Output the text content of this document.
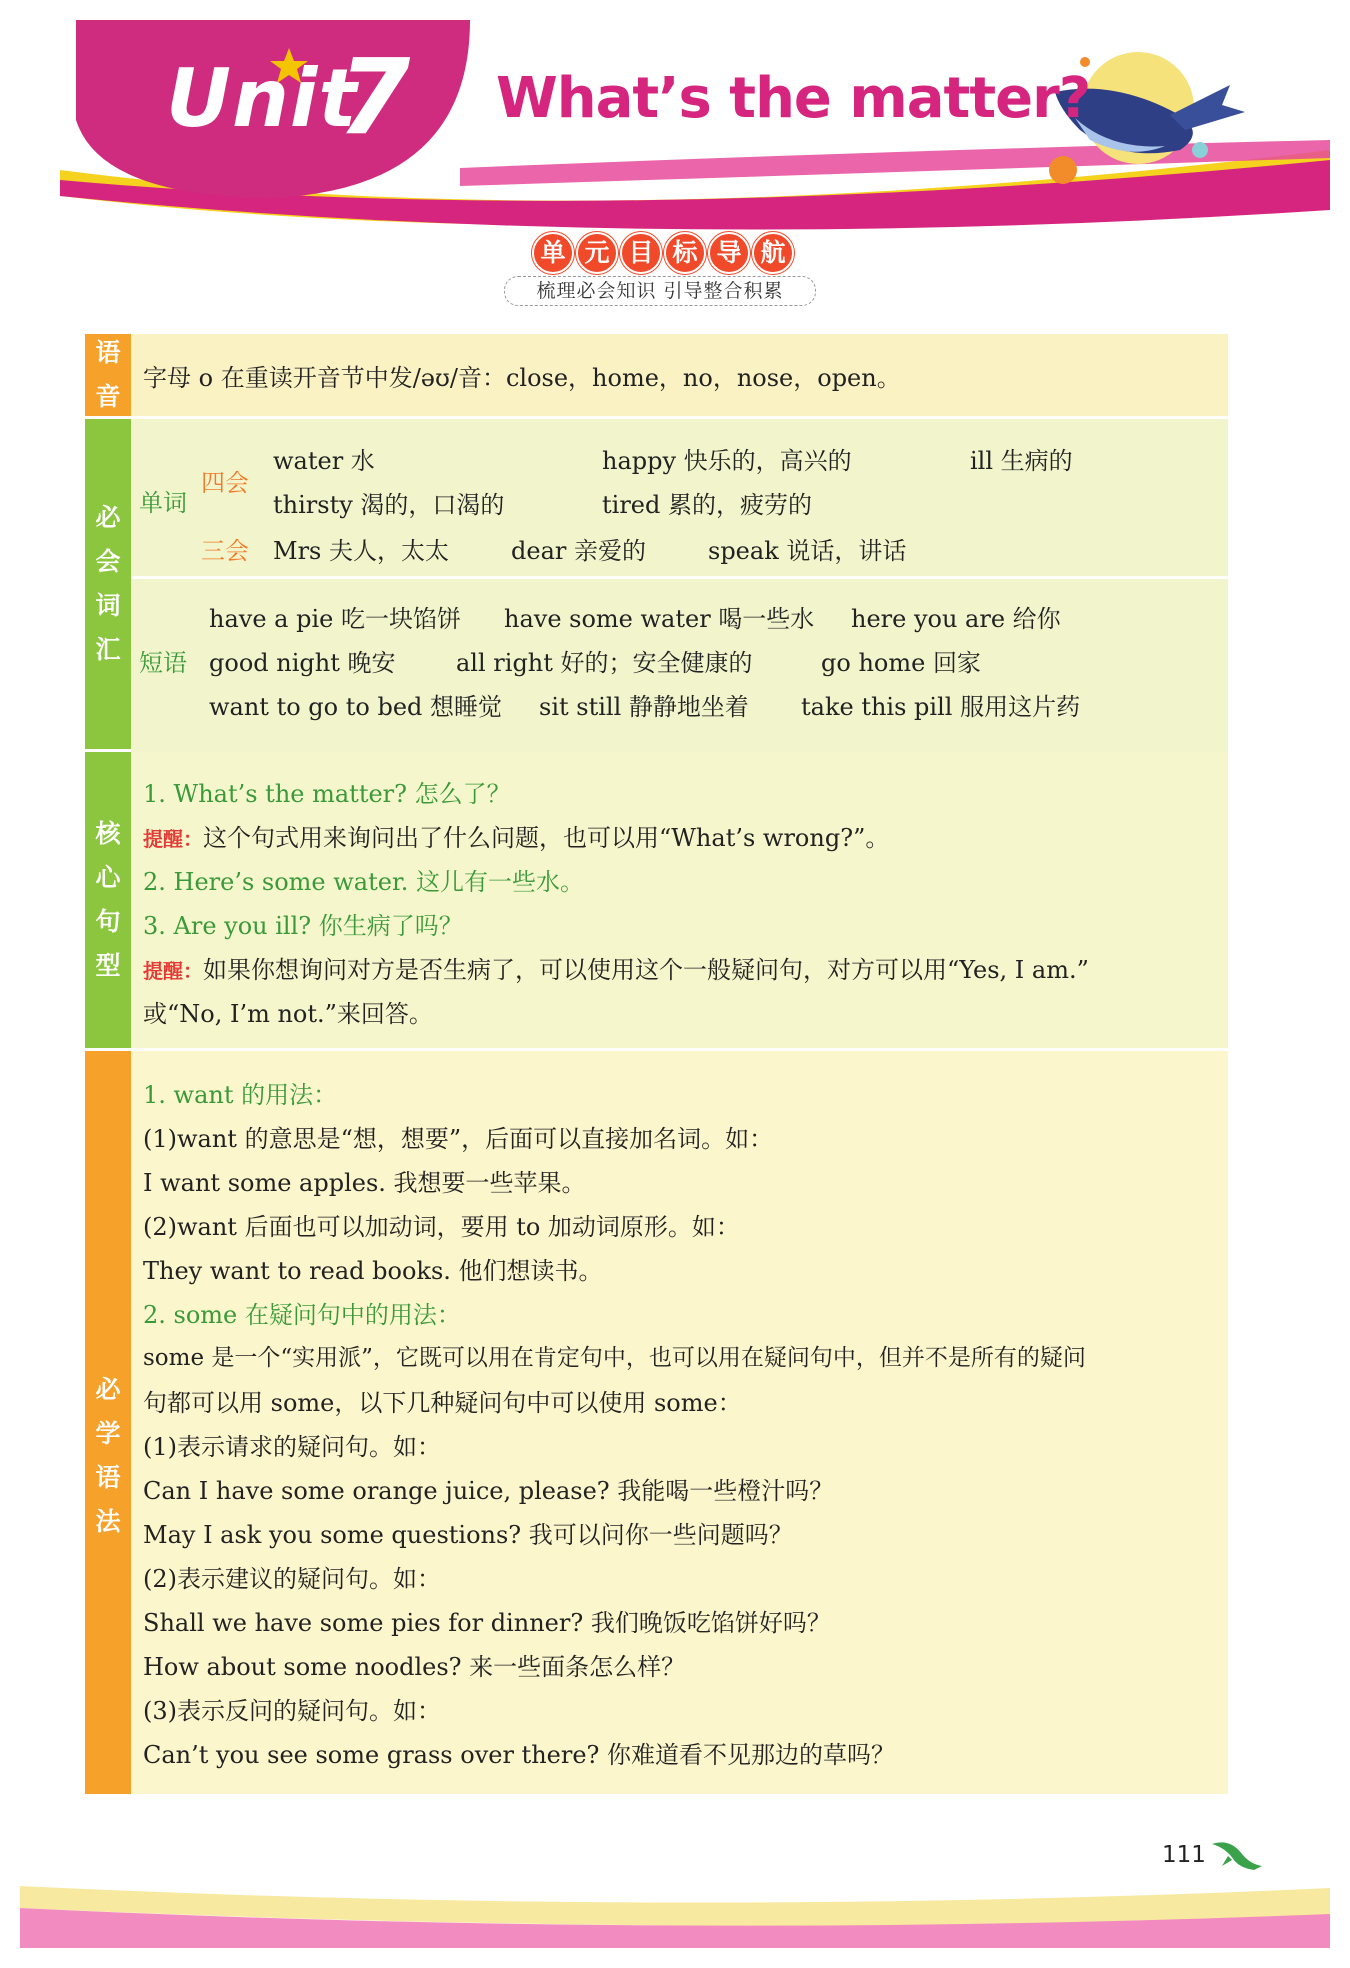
Unit
7 What’s the matter?
单 元 目 标 导 航
梳理必会知识 引导整合积累
语
音
字母 o 在重读开音节中发/əʊ/音：close，home，no，nose，open。
必
会
词
汇
单词
四会
water 水	happy 快乐的，高兴的	ill 生病的
thirsty 渴的，口渴的	tired 累的，疲劳的
三会 Mrs 夫人，太太	dear 亲爱的	speak 说话，讲话
短语
have a pie 吃一块馅饼 have some water 喝一些水 here you are 给你
good night 晚安	all right 好的；安全健康的	go home 回家
want to go to bed 想睡觉 sit still 静静地坐着 take this pill 服用这片药
核
心
句
型
1. What’s the matter? 怎么了？
提醒：这个句式用来询问出了什么问题，也可以用“What’s wrong?”。
2. Here’s some water. 这儿有一些水。
3. Are you ill? 你生病了吗？
提醒：如果你想询问对方是否生病了，可以使用这个一般疑问句，对方可以用“Yes, I am.”
或“No, I’m not.”来回答。
必
学
语
法
1. want 的用法：
(1)want 的意思是“想，想要”，后面可以直接加名词。如：
I want some apples. 我想要一些苹果。
(2)want 后面也可以加动词，要用 to 加动词原形。如：
They want to read books. 他们想读书。
2. some 在疑问句中的用法：
some 是一个“实用派”，它既可以用在肯定句中，也可以用在疑问句中，但并不是所有的疑问
句都可以用 some，以下几种疑问句中可以使用 some：
(1)表示请求的疑问句。如：
Can I have some orange juice, please? 我能喝一些橙汁吗？
May I ask you some questions? 我可以问你一些问题吗？
(2)表示建议的疑问句。如：
Shall we have some pies for dinner? 我们晚饭吃馅饼好吗？
How about some noodles? 来一些面条怎么样？
(3)表示反问的疑问句。如：
Can’t you see some grass over there? 你难道看不见那边的草吗？
111
